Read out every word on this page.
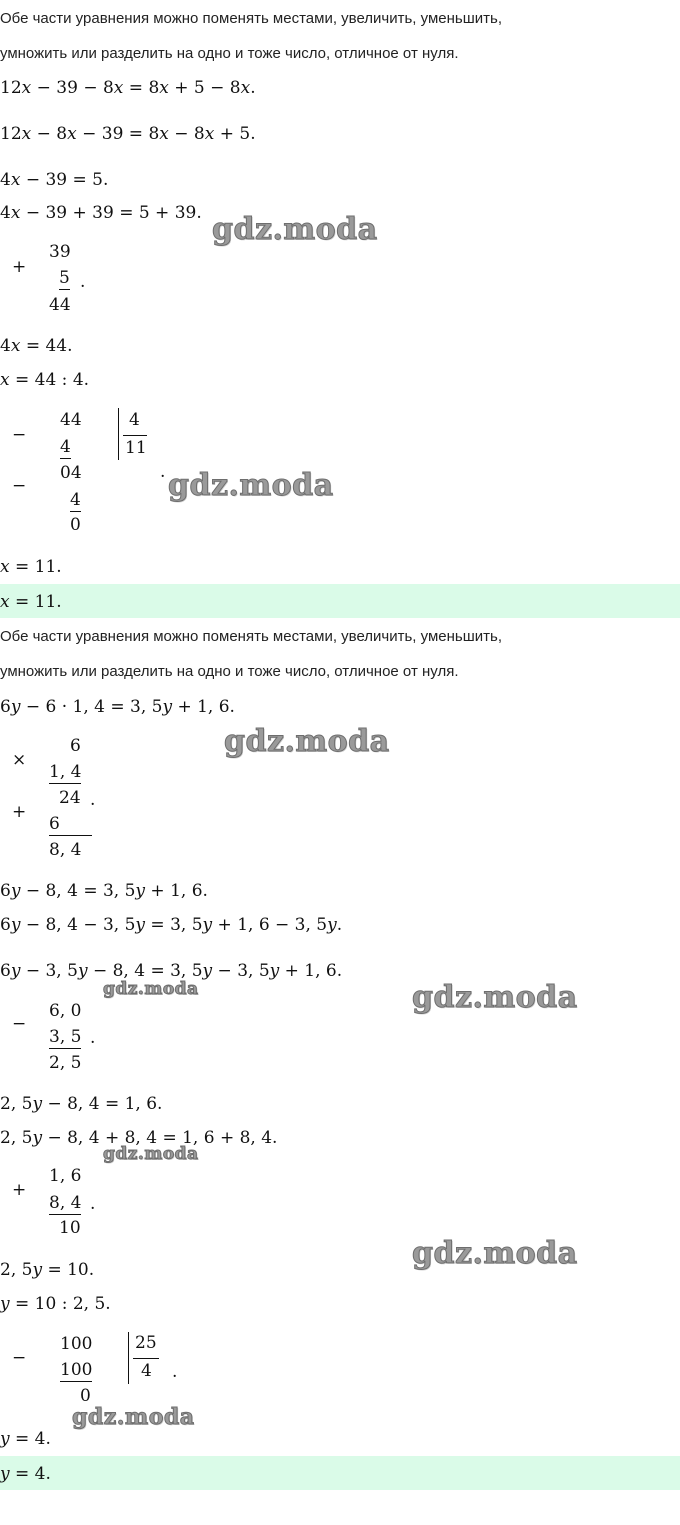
Обе части уравнения можно поменять местами, увеличить, уменьшить,
умножить или разделить на одно и тоже число, отличное от нуля.
12x − 39 − 8x = 8x + 5 − 8x.
12x − 8x − 39 = 8x − 8x + 5.
4x − 39 = 5.
4x − 39 + 39 = 5 + 39.
+
39
5
44
.
4x = 44.
x = 44 : 4.
−
44
4
−
04
4
0
4
11
.
x = 11.
x = 11.
Обе части уравнения можно поменять местами, увеличить, уменьшить,
умножить или разделить на одно и тоже число, отличное от нуля.
6y − 6 · 1, 4 = 3, 5y + 1, 6.
×
6
1, 4
24
+
6
8, 4
.
6y − 8, 4 = 3, 5y + 1, 6.
6y − 8, 4 − 3, 5y = 3, 5y + 1, 6 − 3, 5y.
6y − 3, 5y − 8, 4 = 3, 5y − 3, 5y + 1, 6.
−
6, 0
3, 5
2, 5
.
2, 5y − 8, 4 = 1, 6.
2, 5y − 8, 4 + 8, 4 = 1, 6 + 8, 4.
+
1, 6
8, 4
10
.
2, 5y = 10.
y = 10 : 2, 5.
−
100
100
0
25
4 .
y = 4.
y = 4.
gdz.moda
gdz.moda
gdz.moda
gdz.moda	gdz.moda
gdz.moda
gdz.moda
gdz.moda
